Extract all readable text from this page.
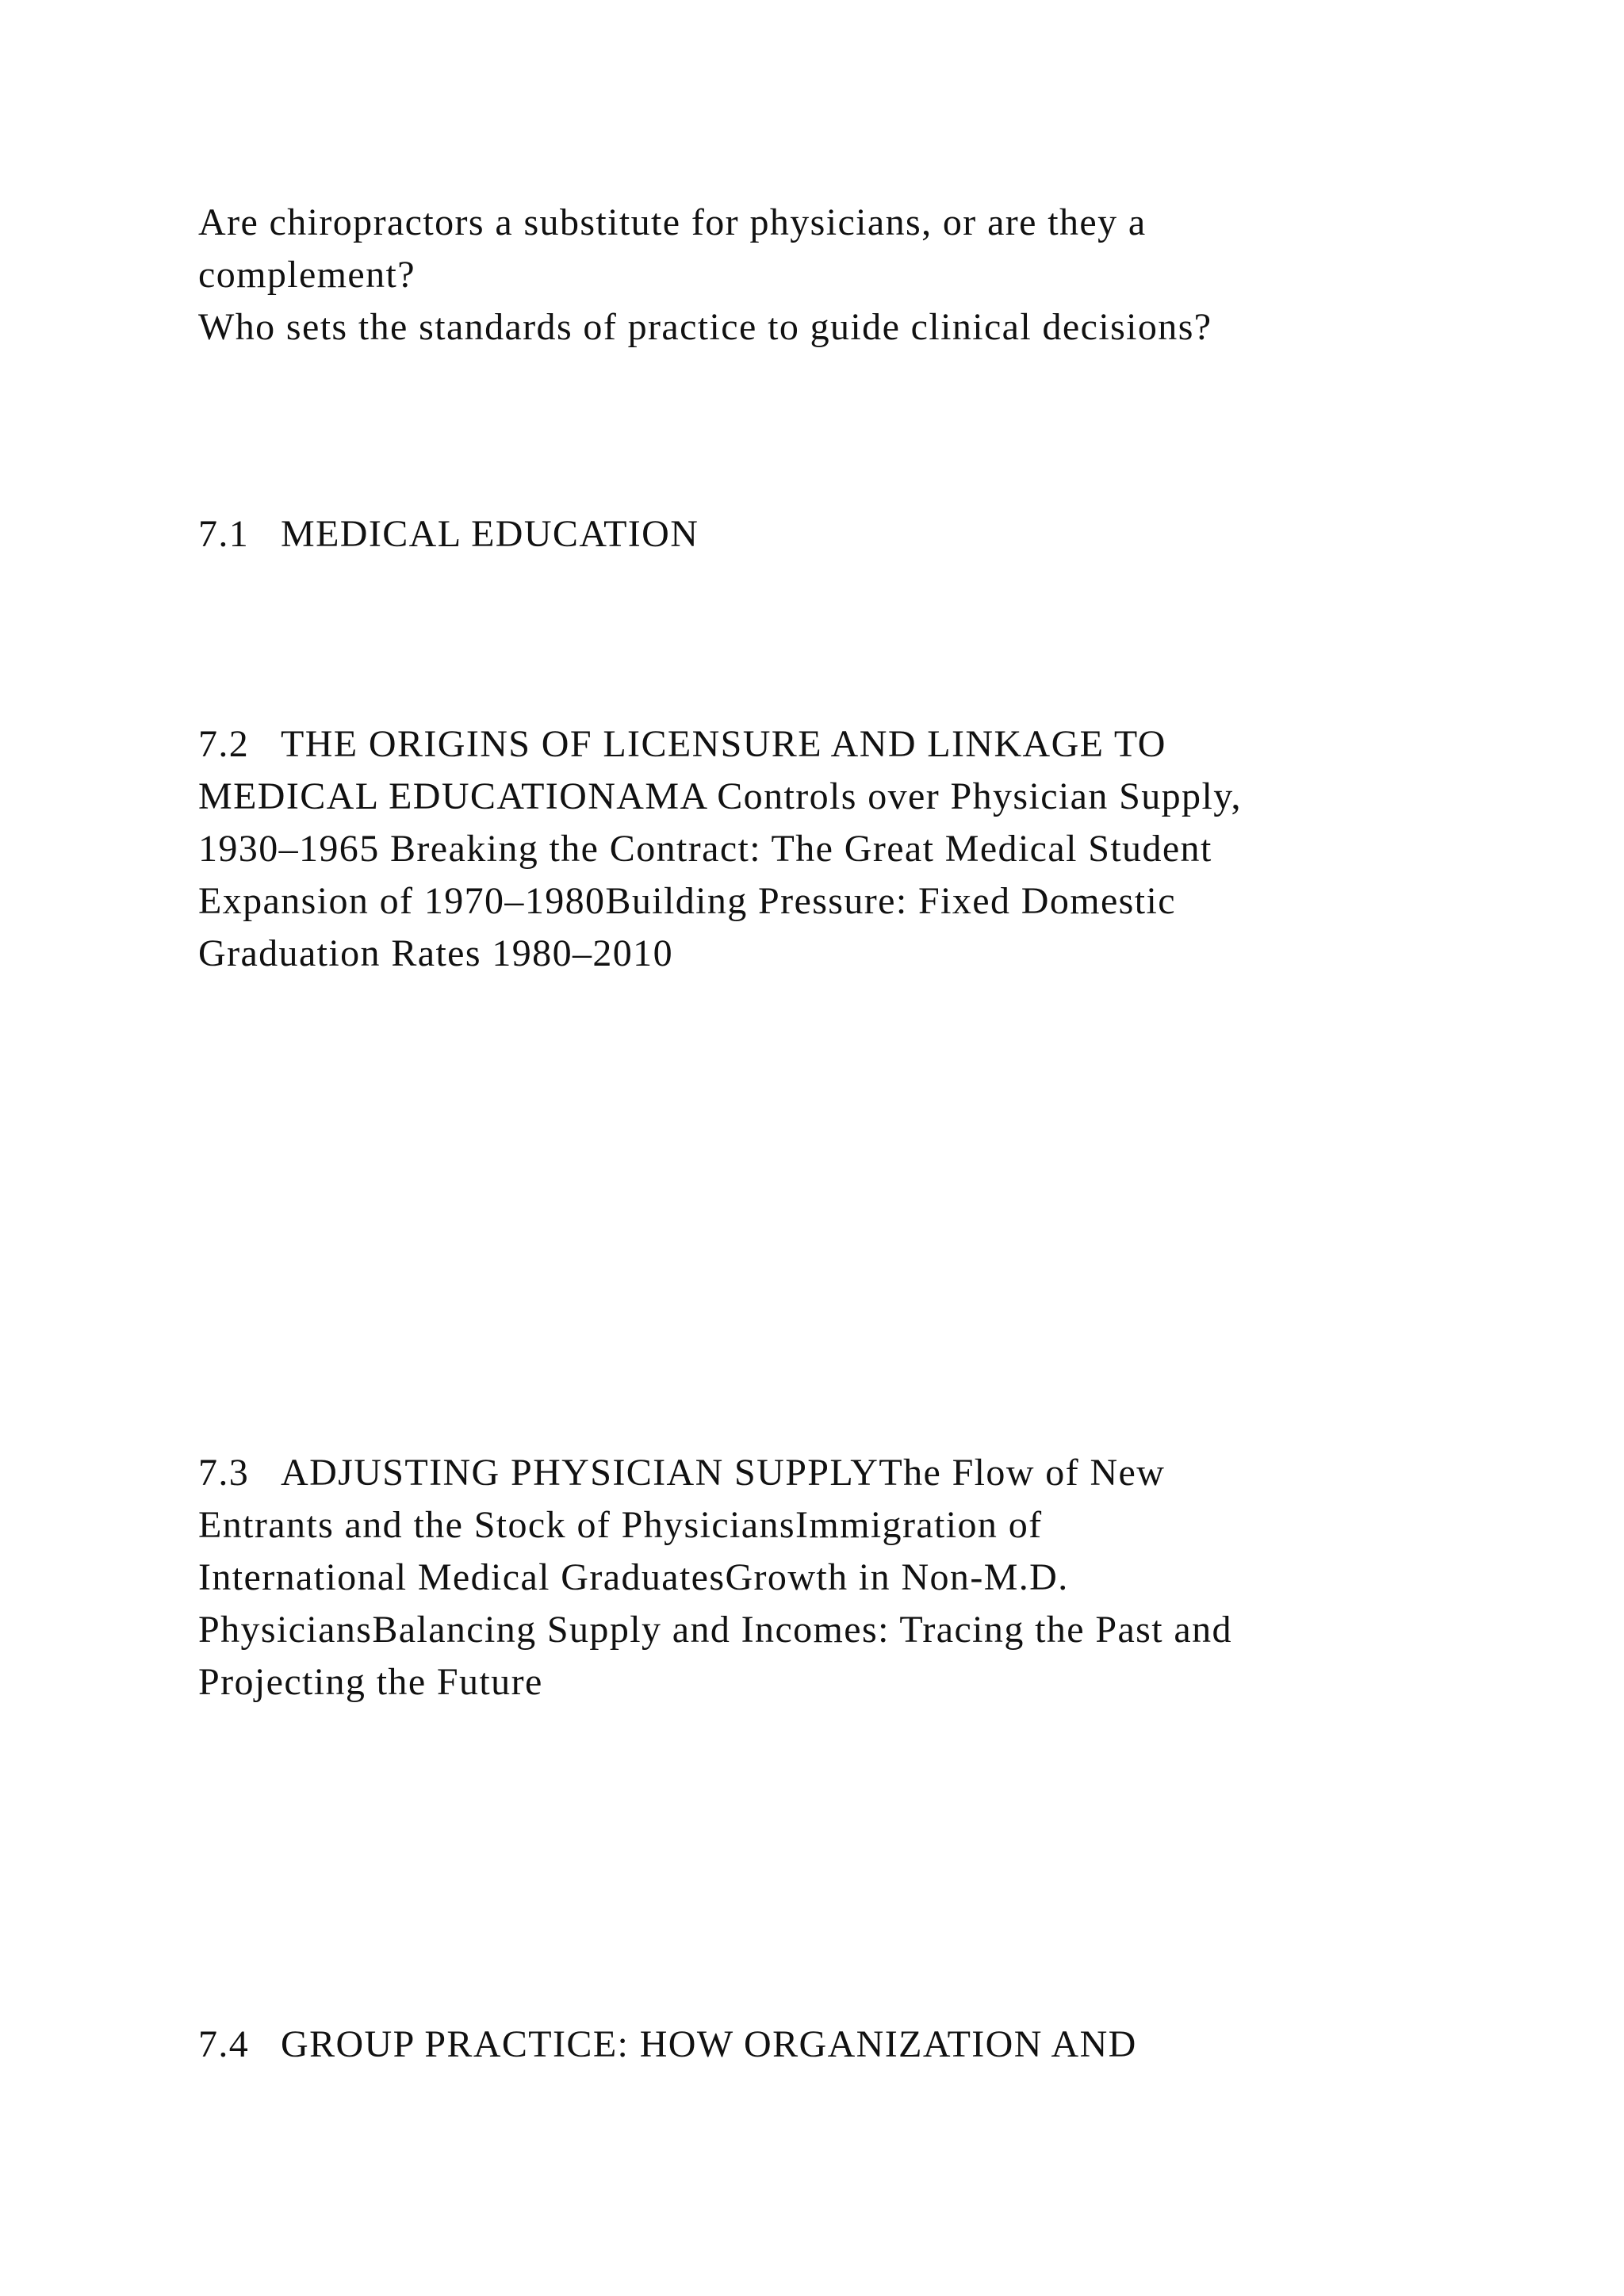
Are chiropractors a substitute for physicians, or are they a
complement?
Who sets the standards of practice to guide clinical decisions?
7.1 MEDICAL EDUCATION
7.2 THE ORIGINS OF LICENSURE AND LINKAGE TO
MEDICAL EDUCATIONAMA Controls over Physician Supply,
1930–1965 Breaking the Contract: The Great Medical Student
Expansion of 1970–1980Building Pressure: Fixed Domestic
Graduation Rates 1980–2010
7.3 ADJUSTING PHYSICIAN SUPPLYThe Flow of New
Entrants and the Stock of PhysiciansImmigration of
International Medical GraduatesGrowth in Non-M.D.
PhysiciansBalancing Supply and Incomes: Tracing the Past and
Projecting the Future
7.4 GROUP PRACTICE: HOW ORGANIZATION AND
